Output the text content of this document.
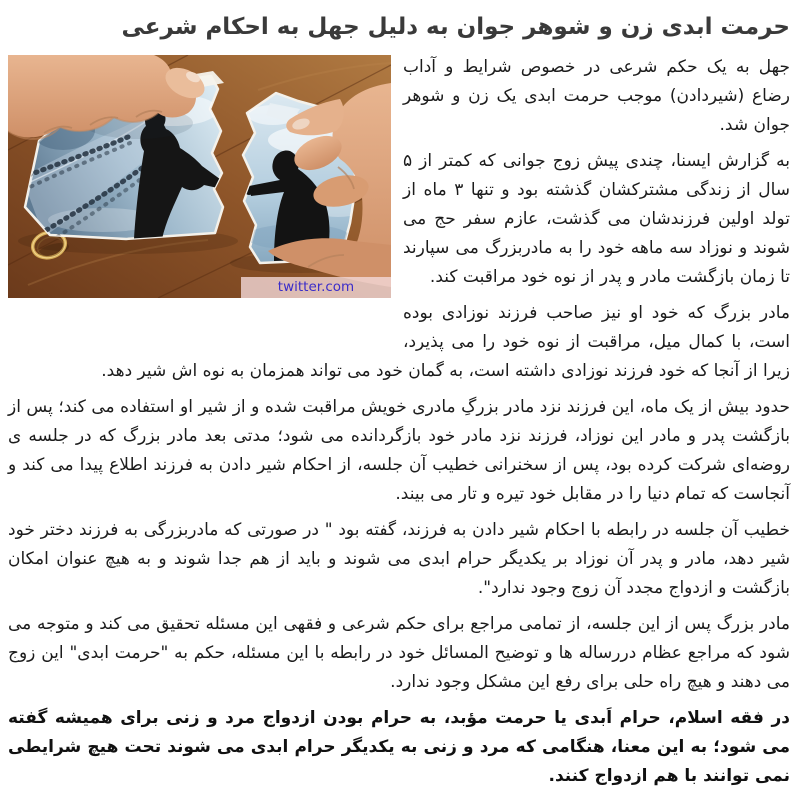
حرمت ابدی زن و شوهر جوان به دلیل جهل به احکام شرعی
twitter.com

جهل به یک حکم شرعی در خصوص شرایط و آداب رضاع (شیردادن) موجب حرمت ابدی یک زن و شوهر جوان شد.

به گزارش ایسنا، چندی پیش زوج جوانی که کمتر از ۵ سال از زندگی مشترکشان گذشته بود و تنها ۳ ماه از تولد اولین فرزندشان می گذشت، عازم سفر حج می شوند و نوزاد سه ماهه خود را به مادربزرگ می سپارند تا زمان بازگشت مادر و پدر از نوه خود مراقبت کند.

مادر بزرگ که خود او نیز صاحب فرزند نوزادی بوده است، با کمال میل، مراقبت از نوه خود را می پذیرد، زیرا از آنجا که خود فرزند نوزادی داشته است، به گمان خود می تواند همزمان به نوه اش شیر دهد.

حدود بیش از یک ماه، این فرزند نزد مادر بزرگِ مادری خویش مراقبت شده و از شیر او استفاده می کند؛ پس از بازگشت پدر و مادر این نوزاد، فرزند نزد مادر خود بازگردانده می شود؛ مدتی بعد مادر بزرگ که در جلسه ی روضه‌ای شرکت کرده بود، پس از سخنرانی خطیب آن جلسه، از احکام شیر دادن به فرزند اطلاع پیدا می کند و آنجاست که تمام دنیا را در مقابل خود تیره و تار می بیند.

خطیب آن جلسه در رابطه با احکام شیر دادن به فرزند، گفته بود " در صورتی که مادربزرگی به فرزند دختر خود شیر دهد، مادر و پدر آن نوزاد بر یکدیگر حرام ابدی می شوند و باید از هم جدا شوند و به هیچ عنوان امکان بازگشت و ازدواج مجدد آن زوج وجود ندارد".

مادر بزرگ پس از این جلسه، از تمامی مراجع برای حکم شرعی و فقهی این مسئله تحقیق می کند و متوجه می شود که مراجع عظام دررساله ها و توضیح المسائل خود در رابطه با این مسئله، حکم به "حرمت ابدی" این زوج می دهند و هیچ راه حلی برای رفع این مشکل وجود ندارد.

در فقه اسلام، حرام اَبدی یا حرمت مؤبد، به حرام بودن ازدواج مرد و زنی برای همیشه گفته می شود؛ به این معنا، هنگامی که مرد و زنی به یکدیگر حرام ابدی می شوند تحت هیچ شرایطی نمی توانند با هم ازدواج کنند.
